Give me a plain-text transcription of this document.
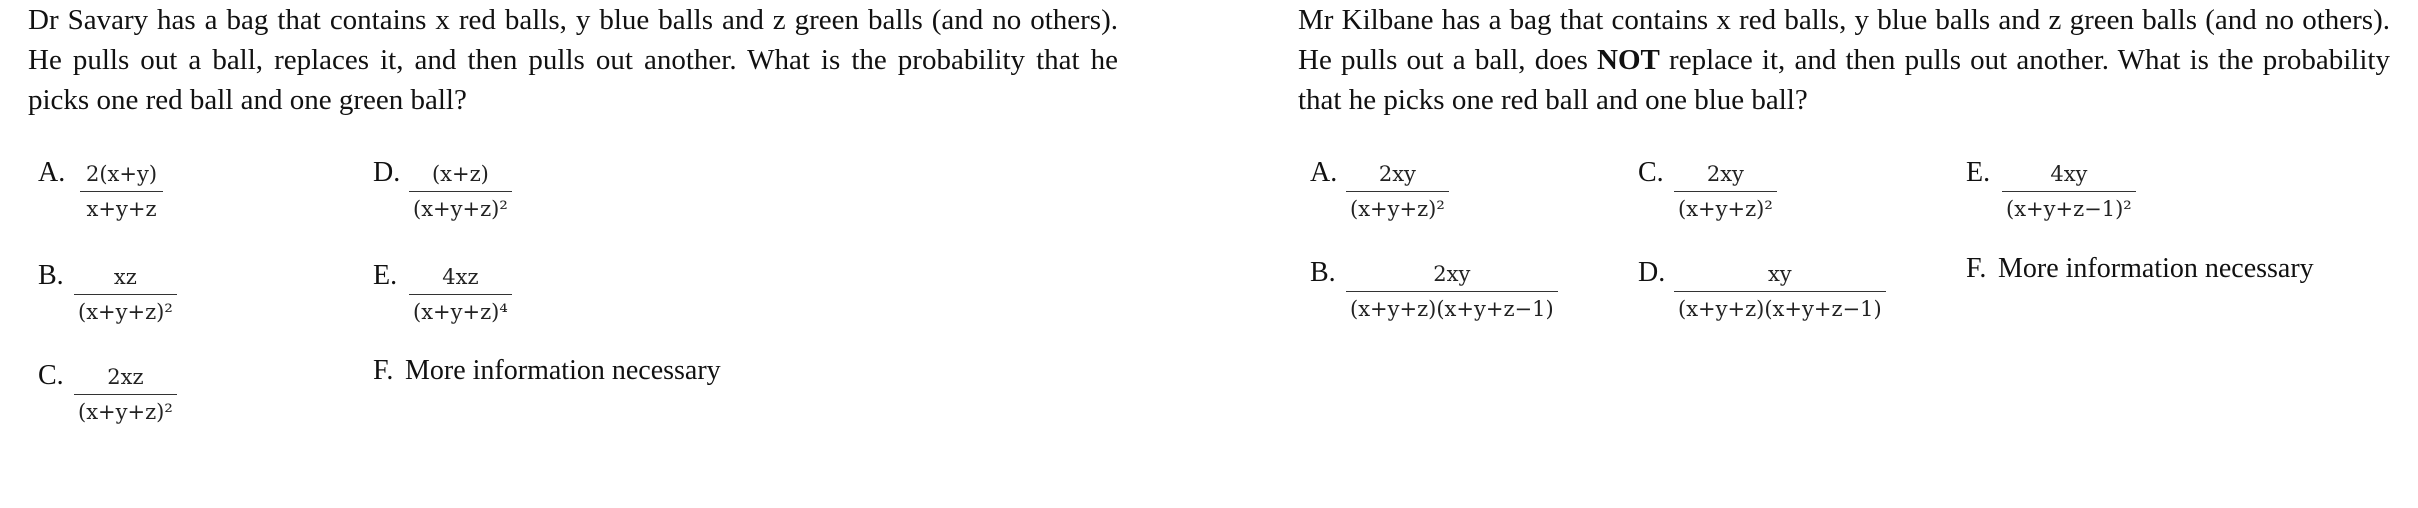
Dr Savary has a bag that contains x red balls, y blue balls and z green balls (and no others). He pulls out a ball, replaces it, and then pulls out another. What is the probability that he picks one red ball and one green ball?

A. 2(x+y)
x+y+z
B. xz
(x+y+z)²
C. 2xz
(x+y+z)²
D. (x+z)
(x+y+z)²
E. 4xz
(x+y+z)⁴
F. More information necessary

Mr Kilbane has a bag that contains x red balls, y blue balls and z green balls (and no others). He pulls out a ball, does NOT replace it, and then pulls out another. What is the probability that he picks one red ball and one blue ball?

A. 2xy
(x+y+z)²
B.	2xy
(x+y+z)(x+y+z−1)
C. 2xy
(x+y+z)²
D.	xy
(x+y+z)(x+y+z−1)
E.	4xy
(x+y+z−1)²
F. More information necessary
